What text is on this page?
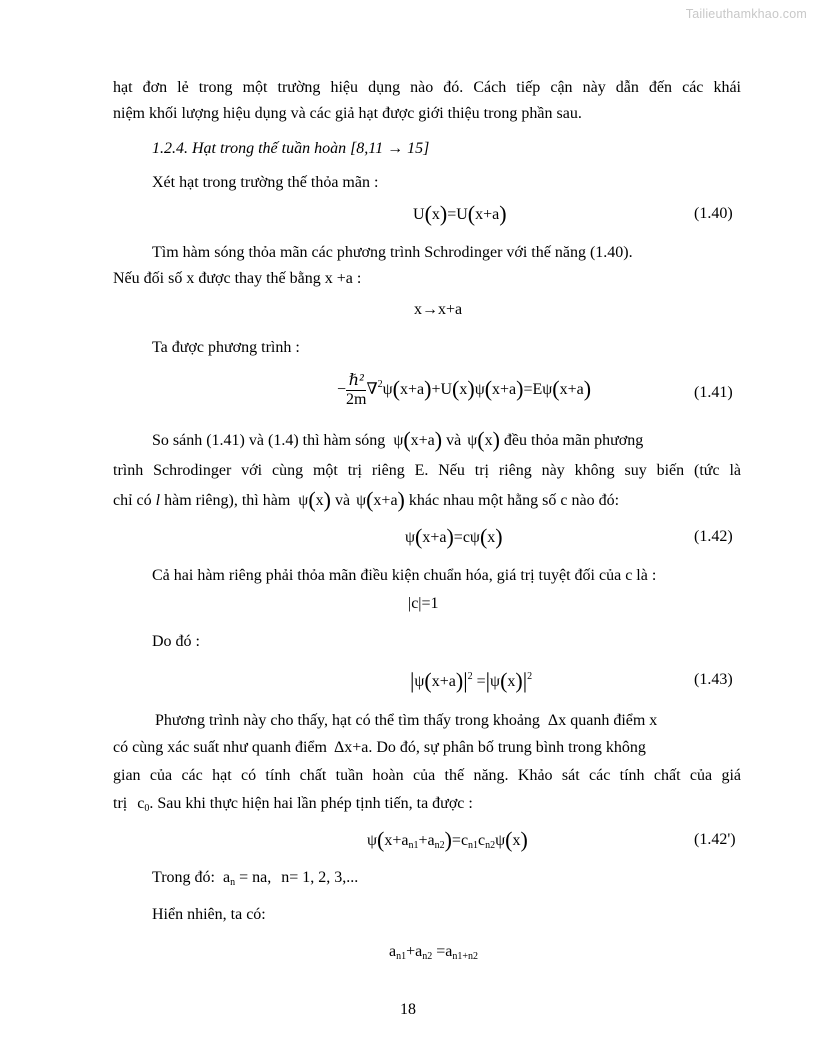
Tailieuthamkhao.com
hạt đơn lẻ trong một trường hiệu dụng nào đó. Cách tiếp cận này dẫn đến các khái
niệm khối lượng hiệu dụng và các giả hạt được giới thiệu trong phần sau.
1.2.4. Hạt trong thế tuần hoàn [8,11 → 15]
Xét hạt trong trường thế thỏa mãn :
U(x)=U(x+a)	(1.40)
Tìm hàm sóng thỏa mãn các phương trình Schrodinger với thế năng (1.40).
Nếu đối số x được thay thế bằng x +a :
x→x+a
Ta được phương trình :
− $\frac{\text{ℏ²}}{2m} \nabla^2\psi(x+a)+U(x)\psi(x+a)=E\psi(x+a)$	(1.41)
So sánh (1.41) và (1.4) thì hàm sóng ψ(x+a) và ψ(x) đều thỏa mãn phương
trình Schrodinger với cùng một trị riêng E. Nếu trị riêng này không suy biến (tức là
chỉ có l hàm riêng), thì hàm ψ(x) và ψ(x+a) khác nhau một hằng số c nào đó:
ψ(x+a)=cψ(x)	(1.42)
Cả hai hàm riêng phải thỏa mãn điều kiện chuẩn hóa, giá trị tuyệt đối của c là :
|c|=1
Do đó :
$|\psi(x+a)|^2 =|\psi(x)|^2$	(1.43)
Phương trình này cho thấy, hạt có thể tìm thấy trong khoảng Δx quanh điểm x
có cùng xác suất như quanh điểm Δx+a. Do đó, sự phân bố trung bình trong không
gian của các hạt có tính chất tuần hoàn của thế năng. Khảo sát các tính chất của giá
trị $c_0$. Sau khi thực hiện hai lần phép tịnh tiến, ta được :
$\psi(x+a_{n1}+a_{n2})=c_{n1}c_{n2}\psi(x)$	(1.42')
Trong đó: $a_n$ = na, n= 1, 2, 3,...
Hiển nhiên, ta có:
$a_{n1}+a_{n2} =a_{n1+n2}$
18
